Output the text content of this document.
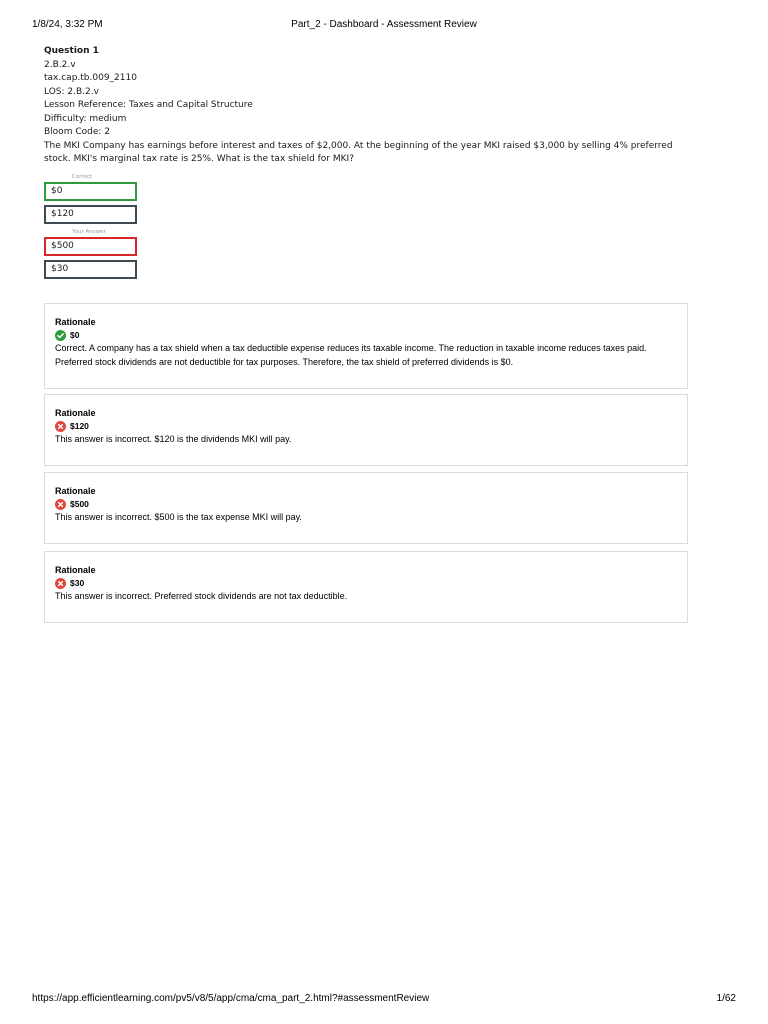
1/8/24, 3:32 PM	Part_2 - Dashboard - Assessment Review
Question 1
2.B.2.v
tax.cap.tb.009_2110
LOS: 2.B.2.v
Lesson Reference: Taxes and Capital Structure
Difficulty: medium
Bloom Code: 2
The MKI Company has earnings before interest and taxes of $2,000. At the beginning of the year MKI raised $3,000 by selling 4% preferred stock. MKI's marginal tax rate is 25%. What is the tax shield for MKI?
Correct
$0
$120
Your Answer
$500
$30
Rationale
$0
Correct. A company has a tax shield when a tax deductible expense reduces its taxable income. The reduction in taxable income reduces taxes paid. Preferred stock dividends are not deductible for tax purposes. Therefore, the tax shield of preferred dividends is $0.
Rationale
$120
This answer is incorrect. $120 is the dividends MKI will pay.
Rationale
$500
This answer is incorrect. $500 is the tax expense MKI will pay.
Rationale
$30
This answer is incorrect. Preferred stock dividends are not tax deductible.
https://app.efficientlearning.com/pv5/v8/5/app/cma/cma_part_2.html?#assessmentReview	1/62
